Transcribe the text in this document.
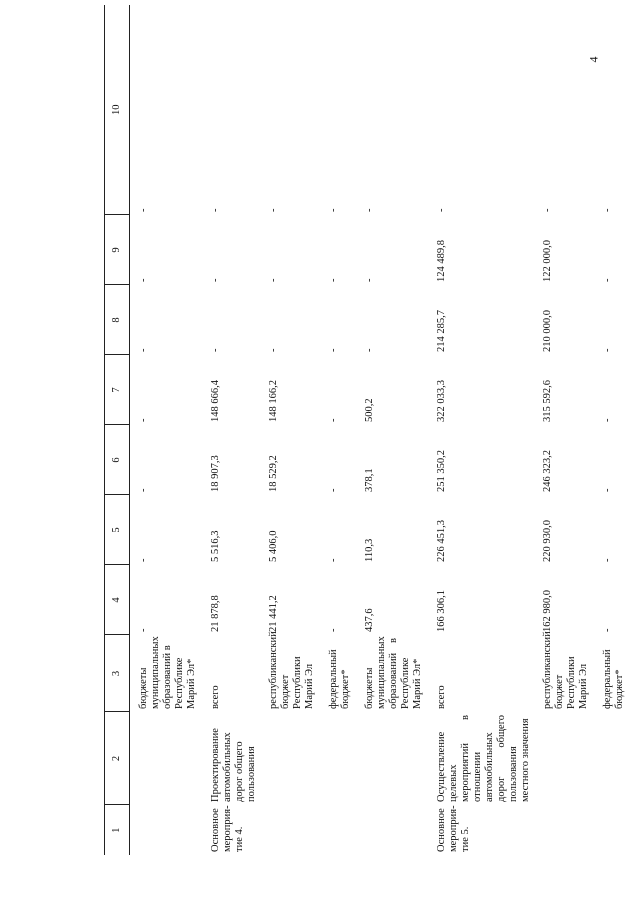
4
1	2	3	4	5	6	7	8	9	10
		бюджеты муниципальных образований в Республике Марий Эл*	-	-	-	-	-	-	-
Основное мероприя-тие 4.	Проектирование автомобильных дорог общего пользования	всего	21 878,8	5 516,3	18 907,3	148 666,4	-	-	-
		республиканский бюджет Республики Марий Эл	21 441,2	5 406,0	18 529,2	148 166,2	-	-	-
		федеральный бюджет*	-	-	-	-	-	-	-
		бюджеты муниципальных образований в Республике Марий Эл*	437,6	110,3	378,1	500,2	-	-	-
Основное мероприя-тие 5.	Осуществление целевых мероприятий в отношении автомобильных дорог общего пользования местного значения	всего	166 306,1	226 451,3	251 350,2	322 033,3	214 285,7	124 489,8	-
		республиканский бюджет Республики Марий Эл	162 980,0	220 930,0	246 323,2	315 592,6	210 000,0	122 000,0	-
		федеральный бюджет*	-	-	-	-	-	-	-
